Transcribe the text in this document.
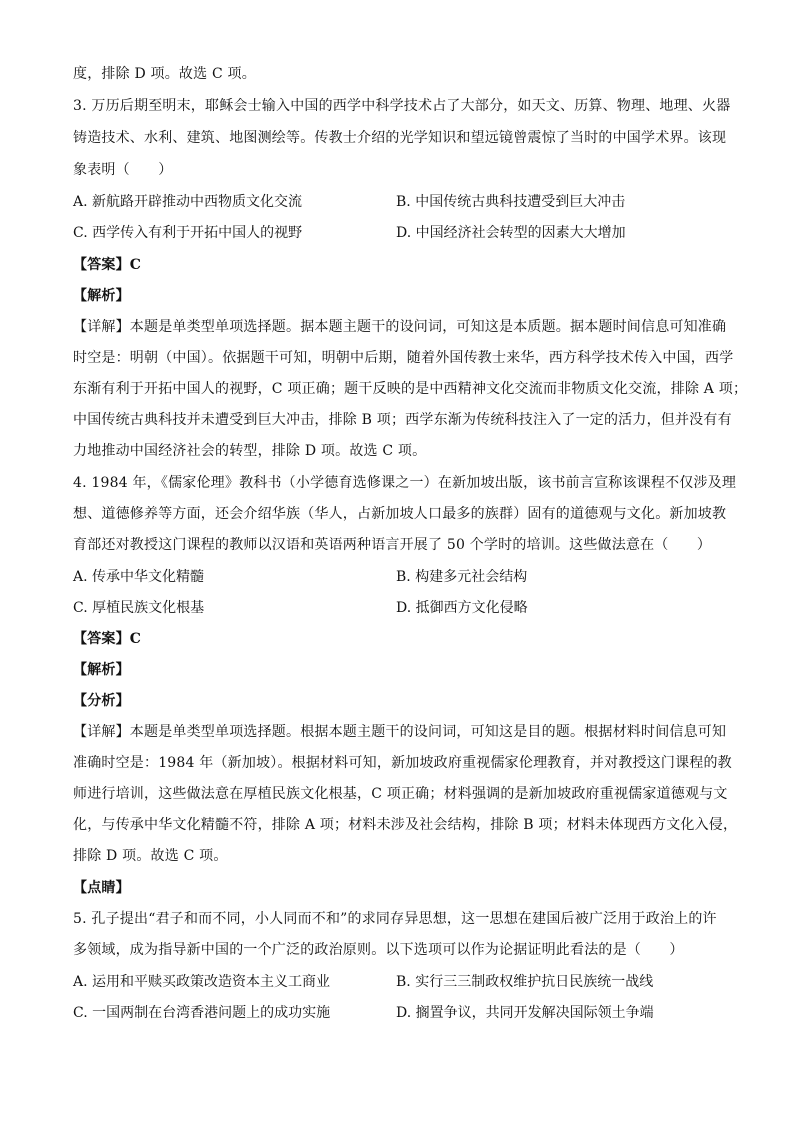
度，排除 D 项。故选 C 项。
3. 万历后期至明末，耶稣会士输入中国的西学中科学技术占了大部分，如天文、历算、物理、地理、火器
铸造技术、水利、建筑、地图测绘等。传教士介绍的光学知识和望远镜曾震惊了当时的中国学术界。该现
象表明（　　）
A. 新航路开辟推动中西物质文化交流	B. 中国传统古典科技遭受到巨大冲击
C. 西学传入有利于开拓中国人的视野	D. 中国经济社会转型的因素大大增加
【答案】C
【解析】
【详解】本题是单类型单项选择题。据本题主题干的设问词，可知这是本质题。据本题时间信息可知准确
时空是：明朝（中国）。依据题干可知，明朝中后期，随着外国传教士来华，西方科学技术传入中国，西学
东渐有利于开拓中国人的视野，C 项正确；题干反映的是中西精神文化交流而非物质文化交流，排除 A 项；
中国传统古典科技并未遭受到巨大冲击，排除 B 项；西学东渐为传统科技注入了一定的活力，但并没有有
力地推动中国经济社会的转型，排除 D 项。故选 C 项。
4. 1984 年，《儒家伦理》教科书（小学德育选修课之一）在新加坡出版，该书前言宣称该课程不仅涉及理
想、道德修养等方面，还会介绍华族（华人，占新加坡人口最多的族群）固有的道德观与文化。新加坡教
育部还对教授这门课程的教师以汉语和英语两种语言开展了 50 个学时的培训。这些做法意在（　　）
A. 传承中华文化精髓	B. 构建多元社会结构
C. 厚植民族文化根基	D. 抵御西方文化侵略
【答案】C
【解析】
【分析】
【详解】本题是单类型单项选择题。根据本题主题干的设问词，可知这是目的题。根据材料时间信息可知
准确时空是：1984 年（新加坡）。根据材料可知，新加坡政府重视儒家伦理教育，并对教授这门课程的教
师进行培训，这些做法意在厚植民族文化根基，C 项正确；材料强调的是新加坡政府重视儒家道德观与文
化，与传承中华文化精髓不符，排除 A 项；材料未涉及社会结构，排除 B 项；材料未体现西方文化入侵，
排除 D 项。故选 C 项。
【点睛】
5. 孔子提出“君子和而不同，小人同而不和”的求同存异思想，这一思想在建国后被广泛用于政治上的许
多领域，成为指导新中国的一个广泛的政治原则。以下选项可以作为论据证明此看法的是（　　）
A. 运用和平赎买政策改造资本主义工商业	B. 实行三三制政权维护抗日民族统一战线
C. 一国两制在台湾香港问题上的成功实施	D. 搁置争议，共同开发解决国际领土争端
